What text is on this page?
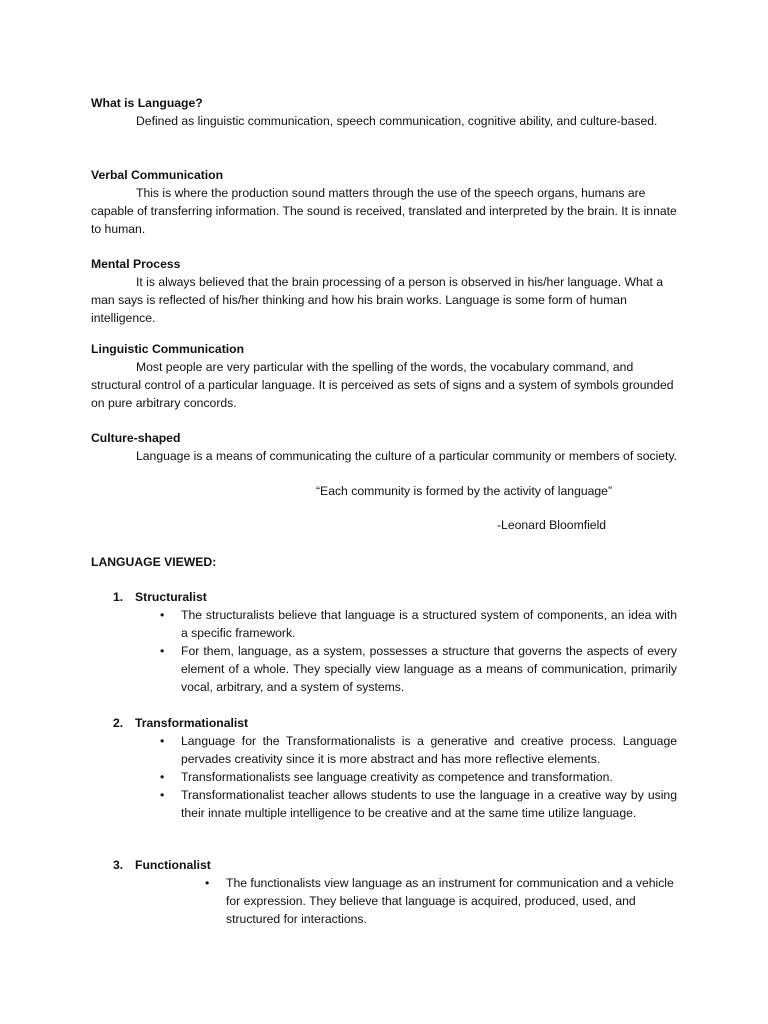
What is Language?

Defined as linguistic communication, speech communication, cognitive ability, and culture-based.

Verbal Communication

This is where the production sound matters through the use of the speech organs, humans are capable of transferring information. The sound is received, translated and interpreted by the brain. It is innate to human.

Mental Process

It is always believed that the brain processing of a person is observed in his/her language. What a man says is reflected of his/her thinking and how his brain works. Language is some form of human intelligence.

Linguistic Communication

Most people are very particular with the spelling of the words, the vocabulary command, and structural control of a particular language. It is perceived as sets of signs and a system of symbols grounded on pure arbitrary concords.

Culture-shaped

Language is a means of communicating the culture of a particular community or members of society.

“Each community is formed by the activity of language”
-Leonard Bloomfield
LANGUAGE VIEWED:
1. Structuralist
• The structuralists believe that language is a structured system of components, an idea with a specific framework.
• For them, language, as a system, possesses a structure that governs the aspects of every element of a whole. They specially view language as a means of communication, primarily vocal, arbitrary, and a system of systems.
2. Transformationalist
• Language for the Transformationalists is a generative and creative process. Language pervades creativity since it is more abstract and has more reflective elements.
• Transformationalists see language creativity as competence and transformation.
• Transformationalist teacher allows students to use the language in a creative way by using their innate multiple intelligence to be creative and at the same time utilize language.
3. Functionalist
• The functionalists view language as an instrument for communication and a vehicle for expression. They believe that language is acquired, produced, used, and structured for interactions.
